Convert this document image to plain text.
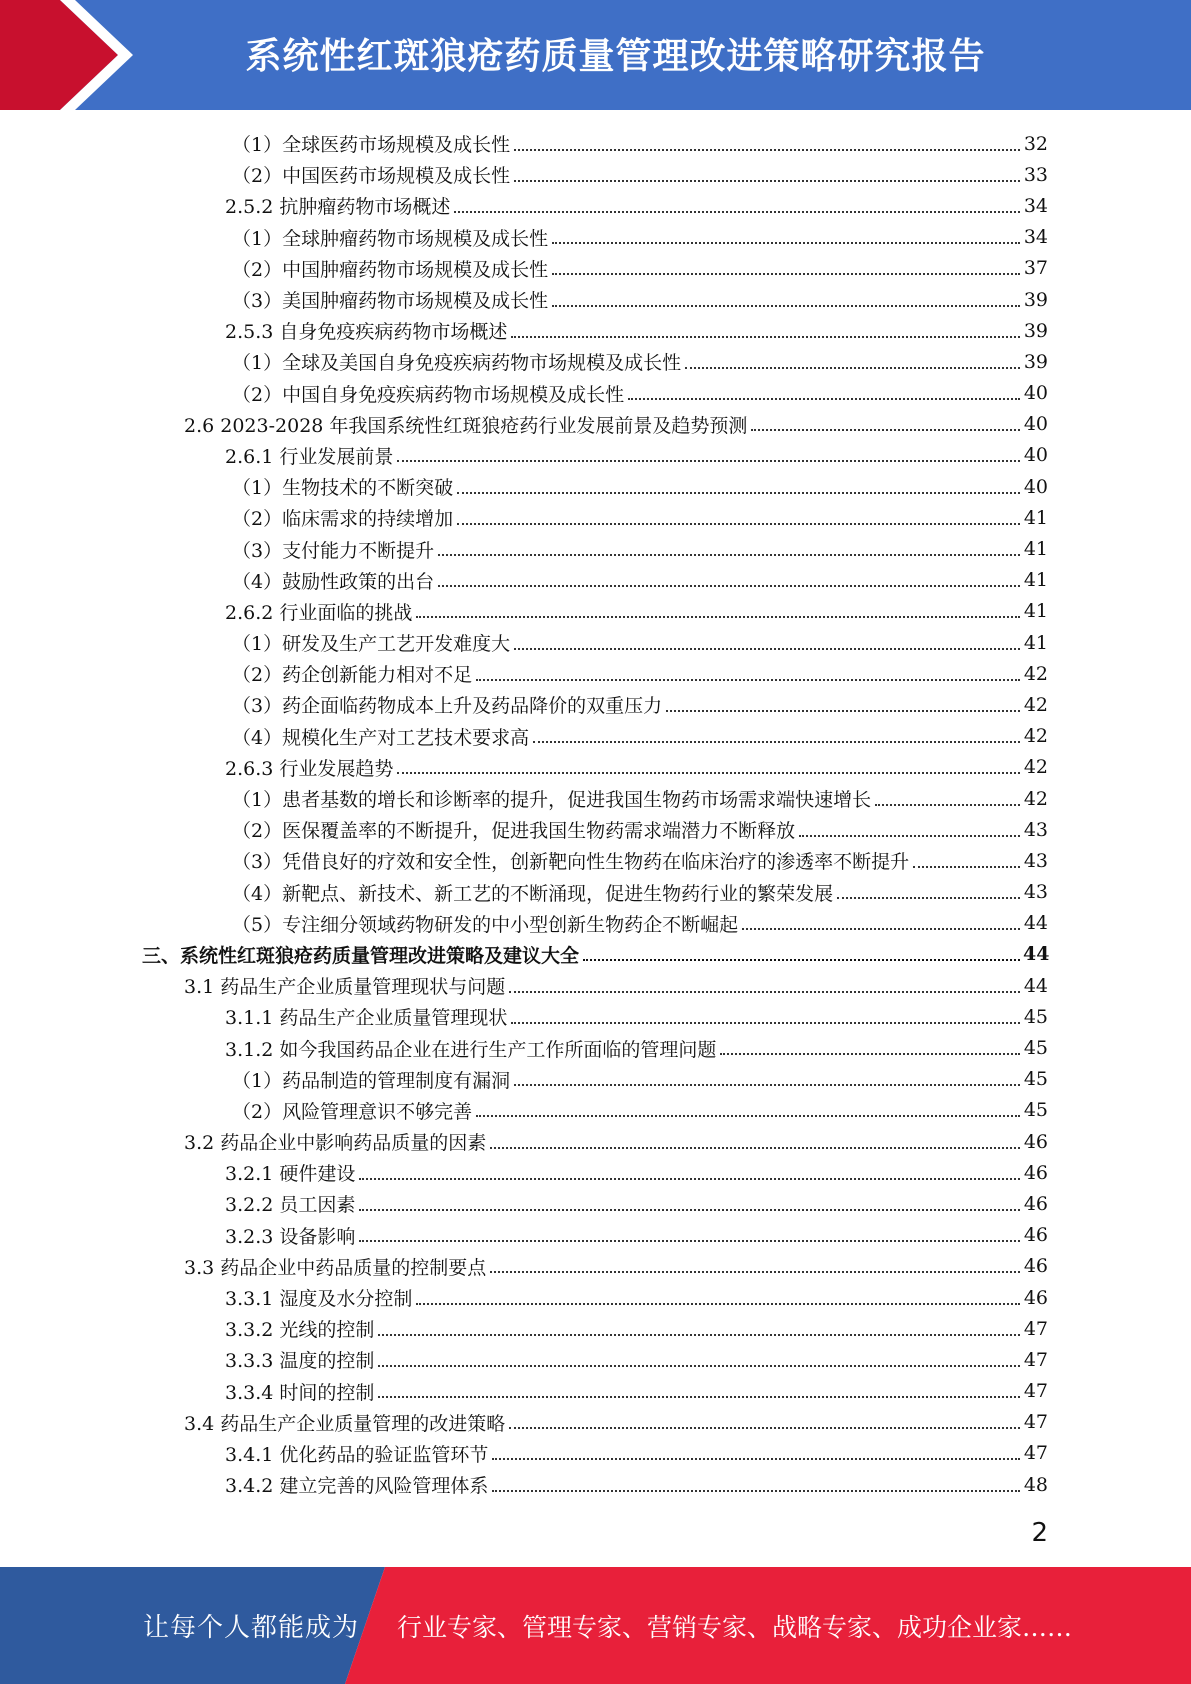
系统性红斑狼疮药质量管理改进策略研究报告
（1）全球医药市场规模及成长性	32
（2）中国医药市场规模及成长性	33
2.5.2 抗肿瘤药物市场概述	34
（1）全球肿瘤药物市场规模及成长性	34
（2）中国肿瘤药物市场规模及成长性	37
（3）美国肿瘤药物市场规模及成长性	39
2.5.3 自身免疫疾病药物市场概述	39
（1）全球及美国自身免疫疾病药物市场规模及成长性	39
（2）中国自身免疫疾病药物市场规模及成长性	40
2.6 2023-2028 年我国系统性红斑狼疮药行业发展前景及趋势预测	40
2.6.1 行业发展前景	40
（1）生物技术的不断突破	40
（2）临床需求的持续增加	41
（3）支付能力不断提升	41
（4）鼓励性政策的出台	41
2.6.2 行业面临的挑战	41
（1）研发及生产工艺开发难度大	41
（2）药企创新能力相对不足	42
（3）药企面临药物成本上升及药品降价的双重压力	42
（4）规模化生产对工艺技术要求高	42
2.6.3 行业发展趋势	42
（1）患者基数的增长和诊断率的提升，促进我国生物药市场需求端快速增长	42
（2）医保覆盖率的不断提升，促进我国生物药需求端潜力不断释放	43
（3）凭借良好的疗效和安全性，创新靶向性生物药在临床治疗的渗透率不断提升	43
（4）新靶点、新技术、新工艺的不断涌现，促进生物药行业的繁荣发展	43
（5）专注细分领域药物研发的中小型创新生物药企不断崛起	44
三、系统性红斑狼疮药质量管理改进策略及建议大全	44
3.1 药品生产企业质量管理现状与问题	44
3.1.1 药品生产企业质量管理现状	45
3.1.2 如今我国药品企业在进行生产工作所面临的管理问题	45
（1）药品制造的管理制度有漏洞	45
（2）风险管理意识不够完善	45
3.2 药品企业中影响药品质量的因素	46
3.2.1 硬件建设	46
3.2.2 员工因素	46
3.2.3 设备影响	46
3.3 药品企业中药品质量的控制要点	46
3.3.1 湿度及水分控制	46
3.3.2 光线的控制	47
3.3.3 温度的控制	47
3.3.4 时间的控制	47
3.4 药品生产企业质量管理的改进策略	47
3.4.1 优化药品的验证监管环节	47
3.4.2 建立完善的风险管理体系	48
2
让每个人都能成为 行业专家、管理专家、营销专家、战略专家、成功企业家……
